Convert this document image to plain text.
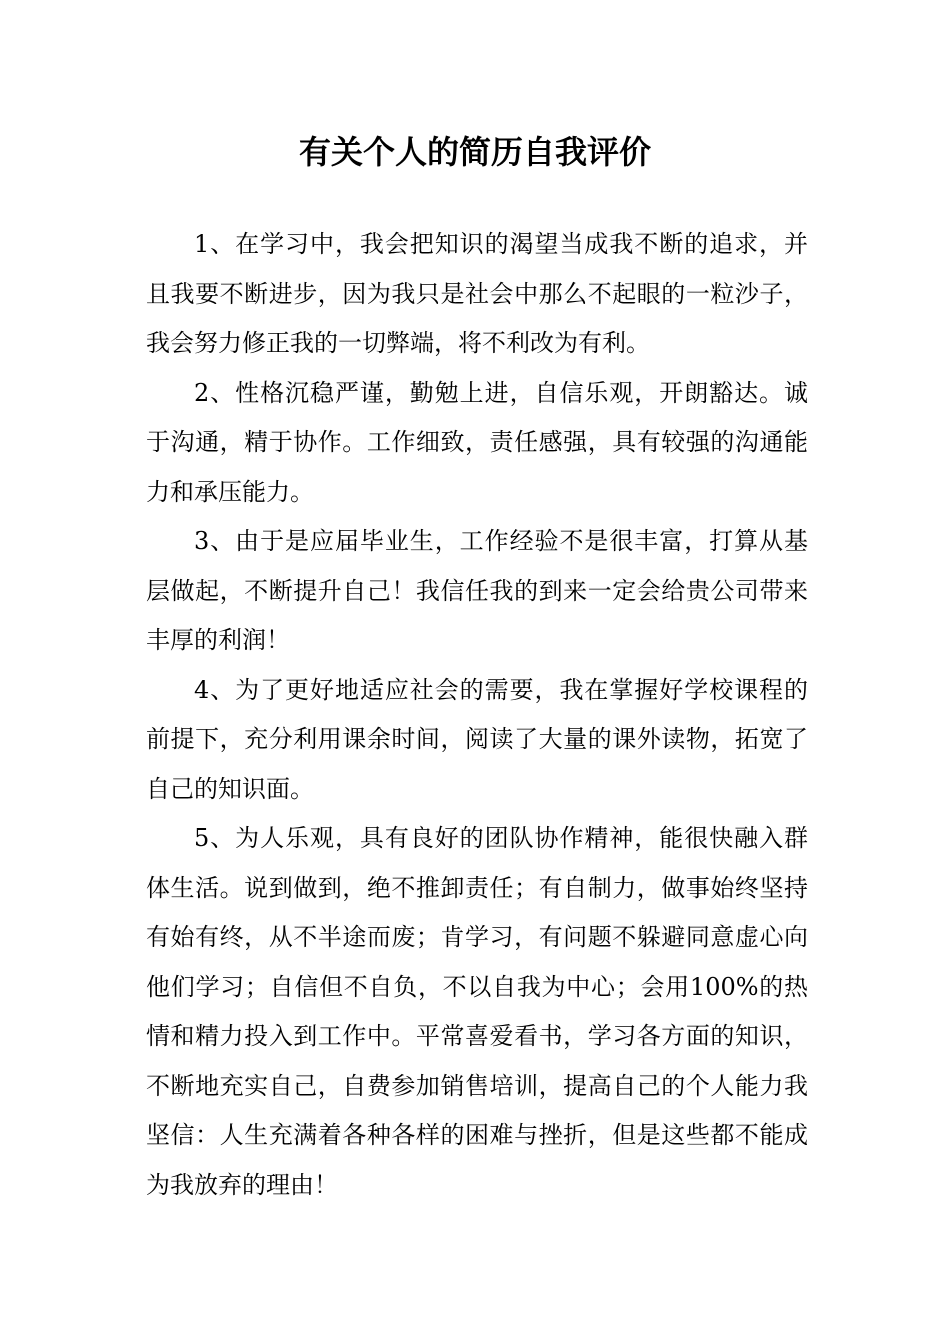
有关个人的简历自我评价

1、在学习中，我会把知识的渴望当成我不断的追求，并且我要不断进步，因为我只是社会中那么不起眼的一粒沙子，我会努力修正我的一切弊端，将不利改为有利。

2、性格沉稳严谨，勤勉上进，自信乐观，开朗豁达。诚于沟通，精于协作。工作细致，责任感强，具有较强的沟通能力和承压能力。

3、由于是应届毕业生，工作经验不是很丰富，打算从基层做起，不断提升自己！我信任我的到来一定会给贵公司带来丰厚的利润！

4、为了更好地适应社会的需要，我在掌握好学校课程的前提下，充分利用课余时间，阅读了大量的课外读物，拓宽了自己的知识面。

5、为人乐观，具有良好的团队协作精神，能很快融入群体生活。说到做到，绝不推卸责任；有自制力，做事始终坚持有始有终，从不半途而废；肯学习，有问题不躲避同意虚心向他们学习；自信但不自负，不以自我为中心；会用100%的热情和精力投入到工作中。平常喜爱看书，学习各方面的知识，不断地充实自己，自费参加销售培训，提高自己的个人能力我坚信：人生充满着各种各样的困难与挫折，但是这些都不能成为我放弃的理由！
